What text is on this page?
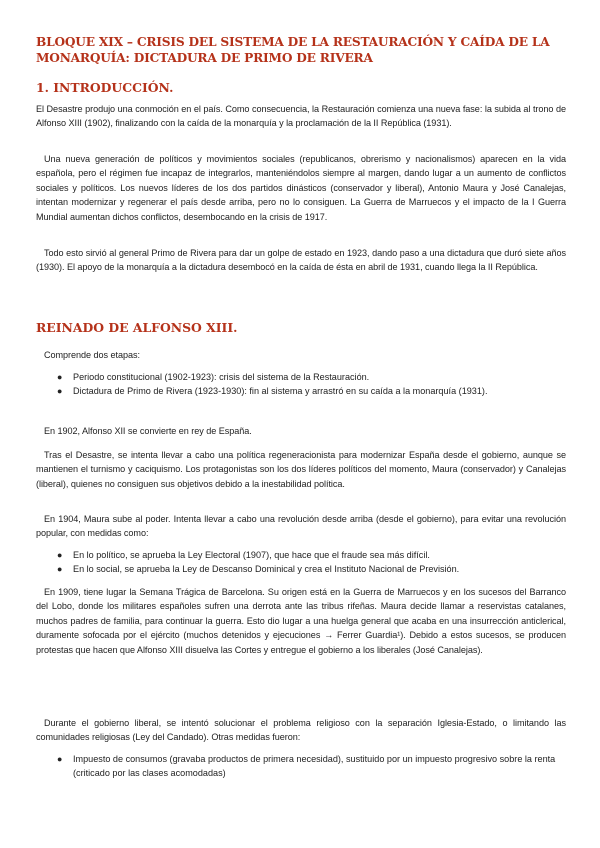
BLOQUE XIX – CRISIS DEL SISTEMA DE LA RESTAURACIÓN Y CAÍDA DE LA MONARQUÍA: DICTADURA DE PRIMO DE RIVERA
1. INTRODUCCIÓN.
El Desastre produjo una conmoción en el país. Como consecuencia, la Restauración comienza una nueva fase: la subida al trono de Alfonso XIII (1902), finalizando con la caída de la monarquía y la proclamación de la II República (1931).
Una nueva generación de políticos y movimientos sociales (republicanos, obrerismo y nacionalismos) aparecen en la vida española, pero el régimen fue incapaz de integrarlos, manteniéndolos siempre al margen, dando lugar a un aumento de conflictos sociales y políticos. Los nuevos líderes de los dos partidos dinásticos (conservador y liberal), Antonio Maura y José Canalejas, intentan modernizar y regenerar el país desde arriba, pero no lo consiguen. La Guerra de Marruecos y el impacto de la I Guerra Mundial aumentan dichos conflictos, desembocando en la crisis de 1917.
Todo esto sirvió al general Primo de Rivera para dar un golpe de estado en 1923, dando paso a una dictadura que duró siete años (1930). El apoyo de la monarquía a la dictadura desembocó en la caída de ésta en abril de 1931, cuando llega la II República.
REINADO DE ALFONSO XIII.
Comprende dos etapas:
● Periodo constitucional (1902-1923): crisis del sistema de la Restauración.
● Dictadura de Primo de Rivera (1923-1930): fin al sistema y arrastró en su caída a la monarquía (1931).
En 1902, Alfonso XII se convierte en rey de España.
Tras el Desastre, se intenta llevar a cabo una política regeneracionista para modernizar España desde el gobierno, aunque se mantienen el turnismo y caciquismo. Los protagonistas son los dos líderes políticos del momento, Maura (conservador) y Canalejas (liberal), quienes no consiguen sus objetivos debido a la inestabilidad política.
En 1904, Maura sube al poder. Intenta llevar a cabo una revolución desde arriba (desde el gobierno), para evitar una revolución popular, con medidas como:
● En lo político, se aprueba la Ley Electoral (1907), que hace que el fraude sea más difícil.
● En lo social, se aprueba la Ley de Descanso Dominical y crea el Instituto Nacional de Previsión.
En 1909, tiene lugar la Semana Trágica de Barcelona. Su origen está en la Guerra de Marruecos y en los sucesos del Barranco del Lobo, donde los militares españoles sufren una derrota ante las tribus rifeñas. Maura decide llamar a reservistas catalanes, muchos padres de familia, para continuar la guerra. Esto dio lugar a una huelga general que acaba en una insurrección anticlerical, duramente sofocada por el ejército (muchos detenidos y ejecuciones → Ferrer Guardia¹). Debido a estos sucesos, se producen protestas que hacen que Alfonso XIII disuelva las Cortes y entregue el gobierno a los liberales (José Canalejas).
Durante el gobierno liberal, se intentó solucionar el problema religioso con la separación Iglesia-Estado, o limitando las comunidades religiosas (Ley del Candado). Otras medidas fueron:
● Impuesto de consumos (gravaba productos de primera necesidad), sustituido por un impuesto progresivo sobre la renta (criticado por las clases acomodadas)
